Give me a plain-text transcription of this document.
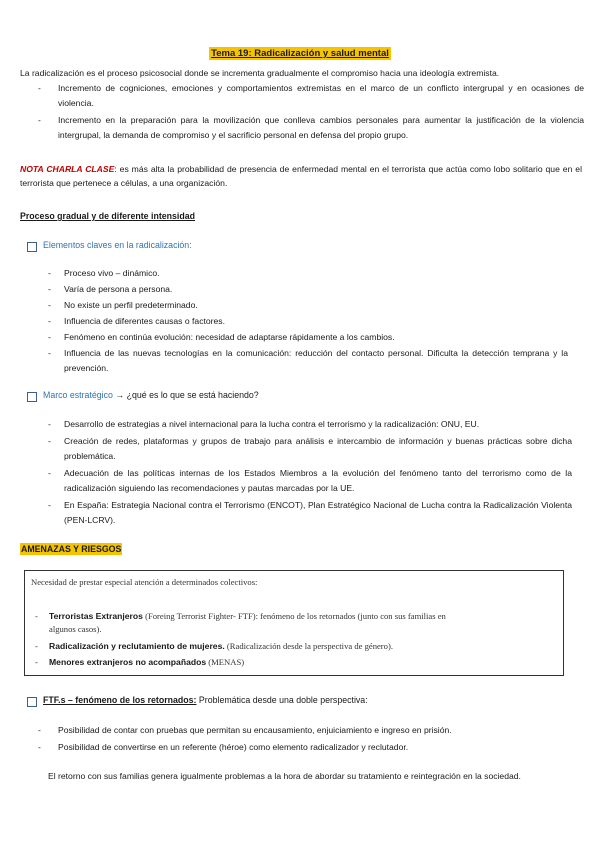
Tema 19: Radicalización y salud mental
La radicalización es el proceso psicosocial donde se incrementa gradualmente el compromiso hacia una ideología extremista.
- Incremento de cogniciones, emociones y comportamientos extremistas en el marco de un conflicto intergrupal y en ocasiones de violencia.
- Incremento en la preparación para la movilización que conlleva cambios personales para aumentar la justificación de la violencia intergrupal, la demanda de compromiso y el sacrificio personal en defensa del propio grupo.
NOTA CHARLA CLASE: es más alta la probabilidad de presencia de enfermedad mental en el terrorista que actúa como lobo solitario que en el terrorista que pertenece a células, a una organización.
Proceso gradual y de diferente intensidad
Elementos claves en la radicalización:
- Proceso vivo – dinámico.
- Varía de persona a persona.
- No existe un perfil predeterminado.
- Influencia de diferentes causas o factores.
- Fenómeno en continúa evolución: necesidad de adaptarse rápidamente a los cambios.
- Influencia de las nuevas tecnologías en la comunicación: reducción del contacto personal. Dificulta la detección temprana y la prevención.
Marco estratégico → ¿qué es lo que se está haciendo?
- Desarrollo de estrategias a nivel internacional para la lucha contra el terrorismo y la radicalización: ONU, EU.
- Creación de redes, plataformas y grupos de trabajo para análisis e intercambio de información y buenas prácticas sobre dicha problemática.
- Adecuación de las políticas internas de los Estados Miembros a la evolución del fenómeno tanto del terrorismo como de la radicalización siguiendo las recomendaciones y pautas marcadas por la UE.
- En España: Estrategia Nacional contra el Terrorismo (ENCOT), Plan Estratégico Nacional de Lucha contra la Radicalización Violenta (PEN-LCRV).
AMENAZAS Y RIESGOS
Necesidad de prestar especial atención a determinados colectivos:
- Terroristas Extranjeros (Foreing Terrorist Fighter- FTF): fenómeno de los retornados (junto con sus familias en
algunos casos).
- Radicalización y reclutamiento de mujeres. (Radicalización desde la perspectiva de género).
- Menores extranjeros no acompañados (MENAS)
FTF.s – fenómeno de los retornados: Problemática desde una doble perspectiva:
- Posibilidad de contar con pruebas que permitan su encausamiento, enjuiciamiento e ingreso en prisión.
- Posibilidad de convertirse en un referente (héroe) como elemento radicalizador y reclutador.
El retorno con sus familias genera igualmente problemas a la hora de abordar su tratamiento e reintegración en la sociedad.
